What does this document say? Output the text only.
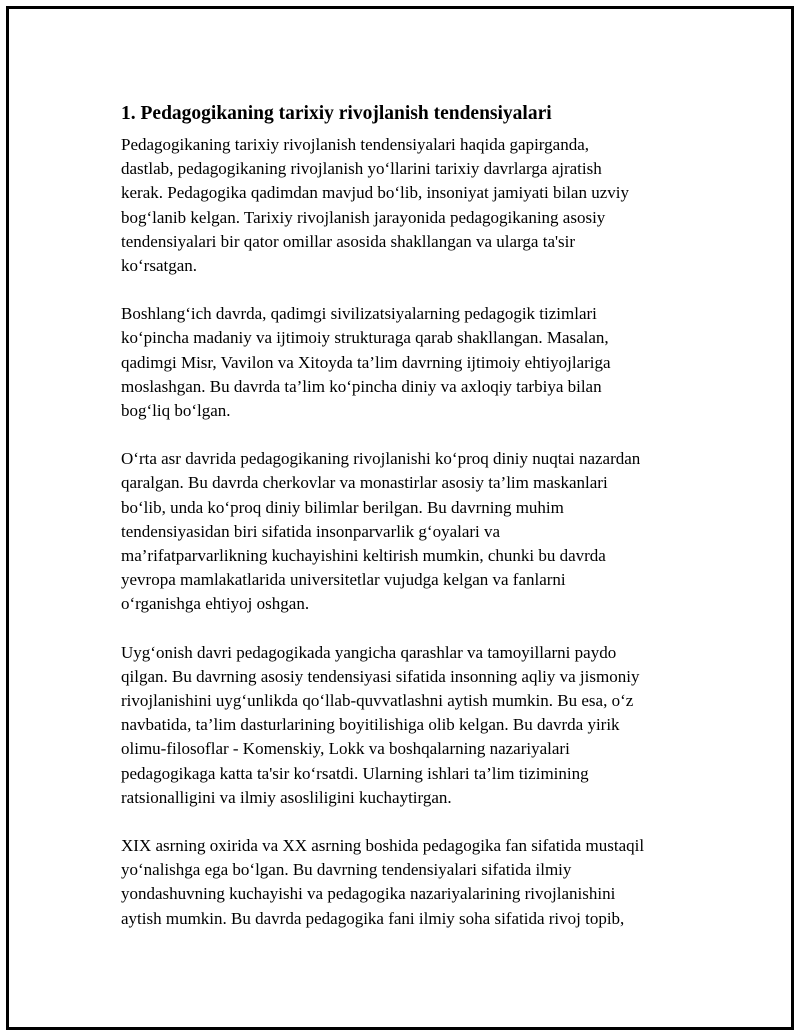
1. Pedagogikaning tarixiy rivojlanish tendensiyalari

Pedagogikaning tarixiy rivojlanish tendensiyalari haqida gapirganda,
dastlab, pedagogikaning rivojlanish yo‘llarini tarixiy davrlarga ajratish
kerak. Pedagogika qadimdan mavjud bo‘lib, insoniyat jamiyati bilan uzviy
bog‘lanib kelgan. Tarixiy rivojlanish jarayonida pedagogikaning asosiy
tendensiyalari bir qator omillar asosida shakllangan va ularga ta'sir
ko‘rsatgan.

Boshlang‘ich davrda, qadimgi sivilizatsiyalarning pedagogik tizimlari
ko‘pincha madaniy va ijtimoiy strukturaga qarab shakllangan. Masalan,
qadimgi Misr, Vavilon va Xitoyda ta’lim davrning ijtimoiy ehtiyojlariga
moslashgan. Bu davrda ta’lim ko‘pincha diniy va axloqiy tarbiya bilan
bog‘liq bo‘lgan.

O‘rta asr davrida pedagogikaning rivojlanishi ko‘proq diniy nuqtai nazardan
qaralgan. Bu davrda cherkovlar va monastirlar asosiy ta’lim maskanlari
bo‘lib, unda ko‘proq diniy bilimlar berilgan. Bu davrning muhim
tendensiyasidan biri sifatida insonparvarlik g‘oyalari va
ma’rifatparvarlikning kuchayishini keltirish mumkin, chunki bu davrda
yevropa mamlakatlarida universitetlar vujudga kelgan va fanlarni
o‘rganishga ehtiyoj oshgan.

Uyg‘onish davri pedagogikada yangicha qarashlar va tamoyillarni paydo
qilgan. Bu davrning asosiy tendensiyasi sifatida insonning aqliy va jismoniy
rivojlanishini uyg‘unlikda qo‘llab-quvvatlashni aytish mumkin. Bu esa, o‘z
navbatida, ta’lim dasturlarining boyitilishiga olib kelgan. Bu davrda yirik
olimu-filosoflar - Komenskiy, Lokk va boshqalarning nazariyalari
pedagogikaga katta ta'sir ko‘rsatdi. Ularning ishlari ta’lim tizimining
ratsionalligini va ilmiy asosliligini kuchaytirgan.

XIX asrning oxirida va XX asrning boshida pedagogika fan sifatida mustaqil
yo‘nalishga ega bo‘lgan. Bu davrning tendensiyalari sifatida ilmiy
yondashuvning kuchayishi va pedagogika nazariyalarining rivojlanishini
aytish mumkin. Bu davrda pedagogika fani ilmiy soha sifatida rivoj topib,
